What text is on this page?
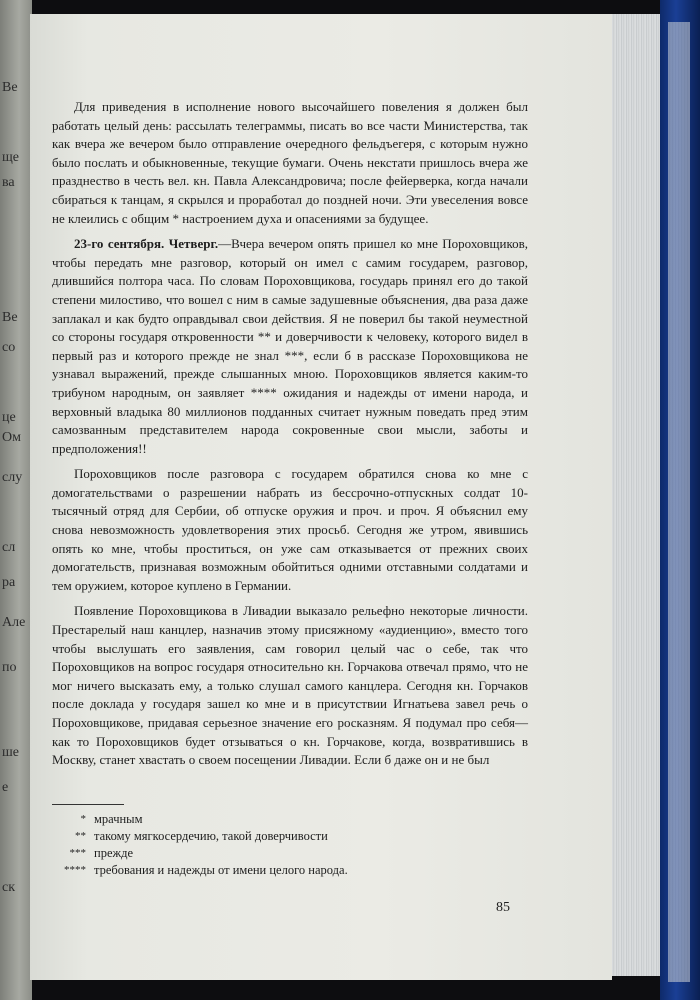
Ве
ще
ва
Ве
со
це
Ом
слу
сл
ра
Але
по
ше
е
ск

Для приведения в исполнение нового высочайшего повеления я должен был работать целый день: рассылать телеграммы, писать во все части Министерства, так как вчера же вечером было отправление очередного фельдъегеря, с которым нужно было послать и обыкновенные, текущие бумаги. Очень некстати пришлось вчера же празднество в честь вел. кн. Павла Александровича; после фейерверка, когда начали сбираться к танцам, я скрылся и проработал до поздней ночи. Эти увеселения вовсе не клеились с общим * настроением духа и опасениями за будущее.

23-го сентября. Четверг.—Вчера вечером опять пришел ко мне Пороховщиков, чтобы передать мне разговор, который он имел с самим государем, разговор, длившийся полтора часа. По словам Пороховщикова, государь принял его до такой степени милостиво, что вошел с ним в самые задушевные объяснения, два раза даже заплакал и как будто оправдывал свои действия. Я не поверил бы такой неуместной со стороны государя откровенности ** и доверчивости к человеку, которого видел в первый раз и которого прежде не знал ***, если б в рассказе Пороховщикова не узнавал выражений, прежде слышанных мною. Пороховщиков является каким-то трибуном народным, он заявляет **** ожидания и надежды от имени народа, и верховный владыка 80 миллионов подданных считает нужным поведать пред этим самозванным представителем народа сокровенные свои мысли, заботы и предположения!!

Пороховщиков после разговора с государем обратился снова ко мне с домогательствами о разрешении набрать из бессрочно-отпускных солдат 10-тысячный отряд для Сербии, об отпуске оружия и проч. и проч. Я объяснил ему снова невозможность удовлетворения этих просьб. Сегодня же утром, явившись опять ко мне, чтобы проститься, он уже сам отказывается от прежних своих домогательств, признавая возможным обойтиться одними отставными солдатами и тем оружием, которое куплено в Германии.

Появление Пороховщикова в Ливадии выказало рельефно некоторые личности. Престарелый наш канцлер, назначив этому присяжному «аудиенцию», вместо того чтобы выслушать его заявления, сам говорил целый час о себе, так что Пороховщиков на вопрос государя относительно кн. Горчакова отвечал прямо, что не мог ничего высказать ему, а только слушал самого канцлера. Сегодня кн. Горчаков после доклада у государя зашел ко мне и в присутствии Игнатьева завел речь о Пороховщикове, придавая серьезное значение его росказням. Я подумал про себя—как то Пороховщиков будет отзываться о кн. Горчакове, когда, возвратившись в Москву, станет хвастать о своем посещении Ливадии. Если б даже он и не был

* мрачным
** такому мягкосердечию, такой доверчивости
*** прежде
**** требования и надежды от имени целого народа.
85
